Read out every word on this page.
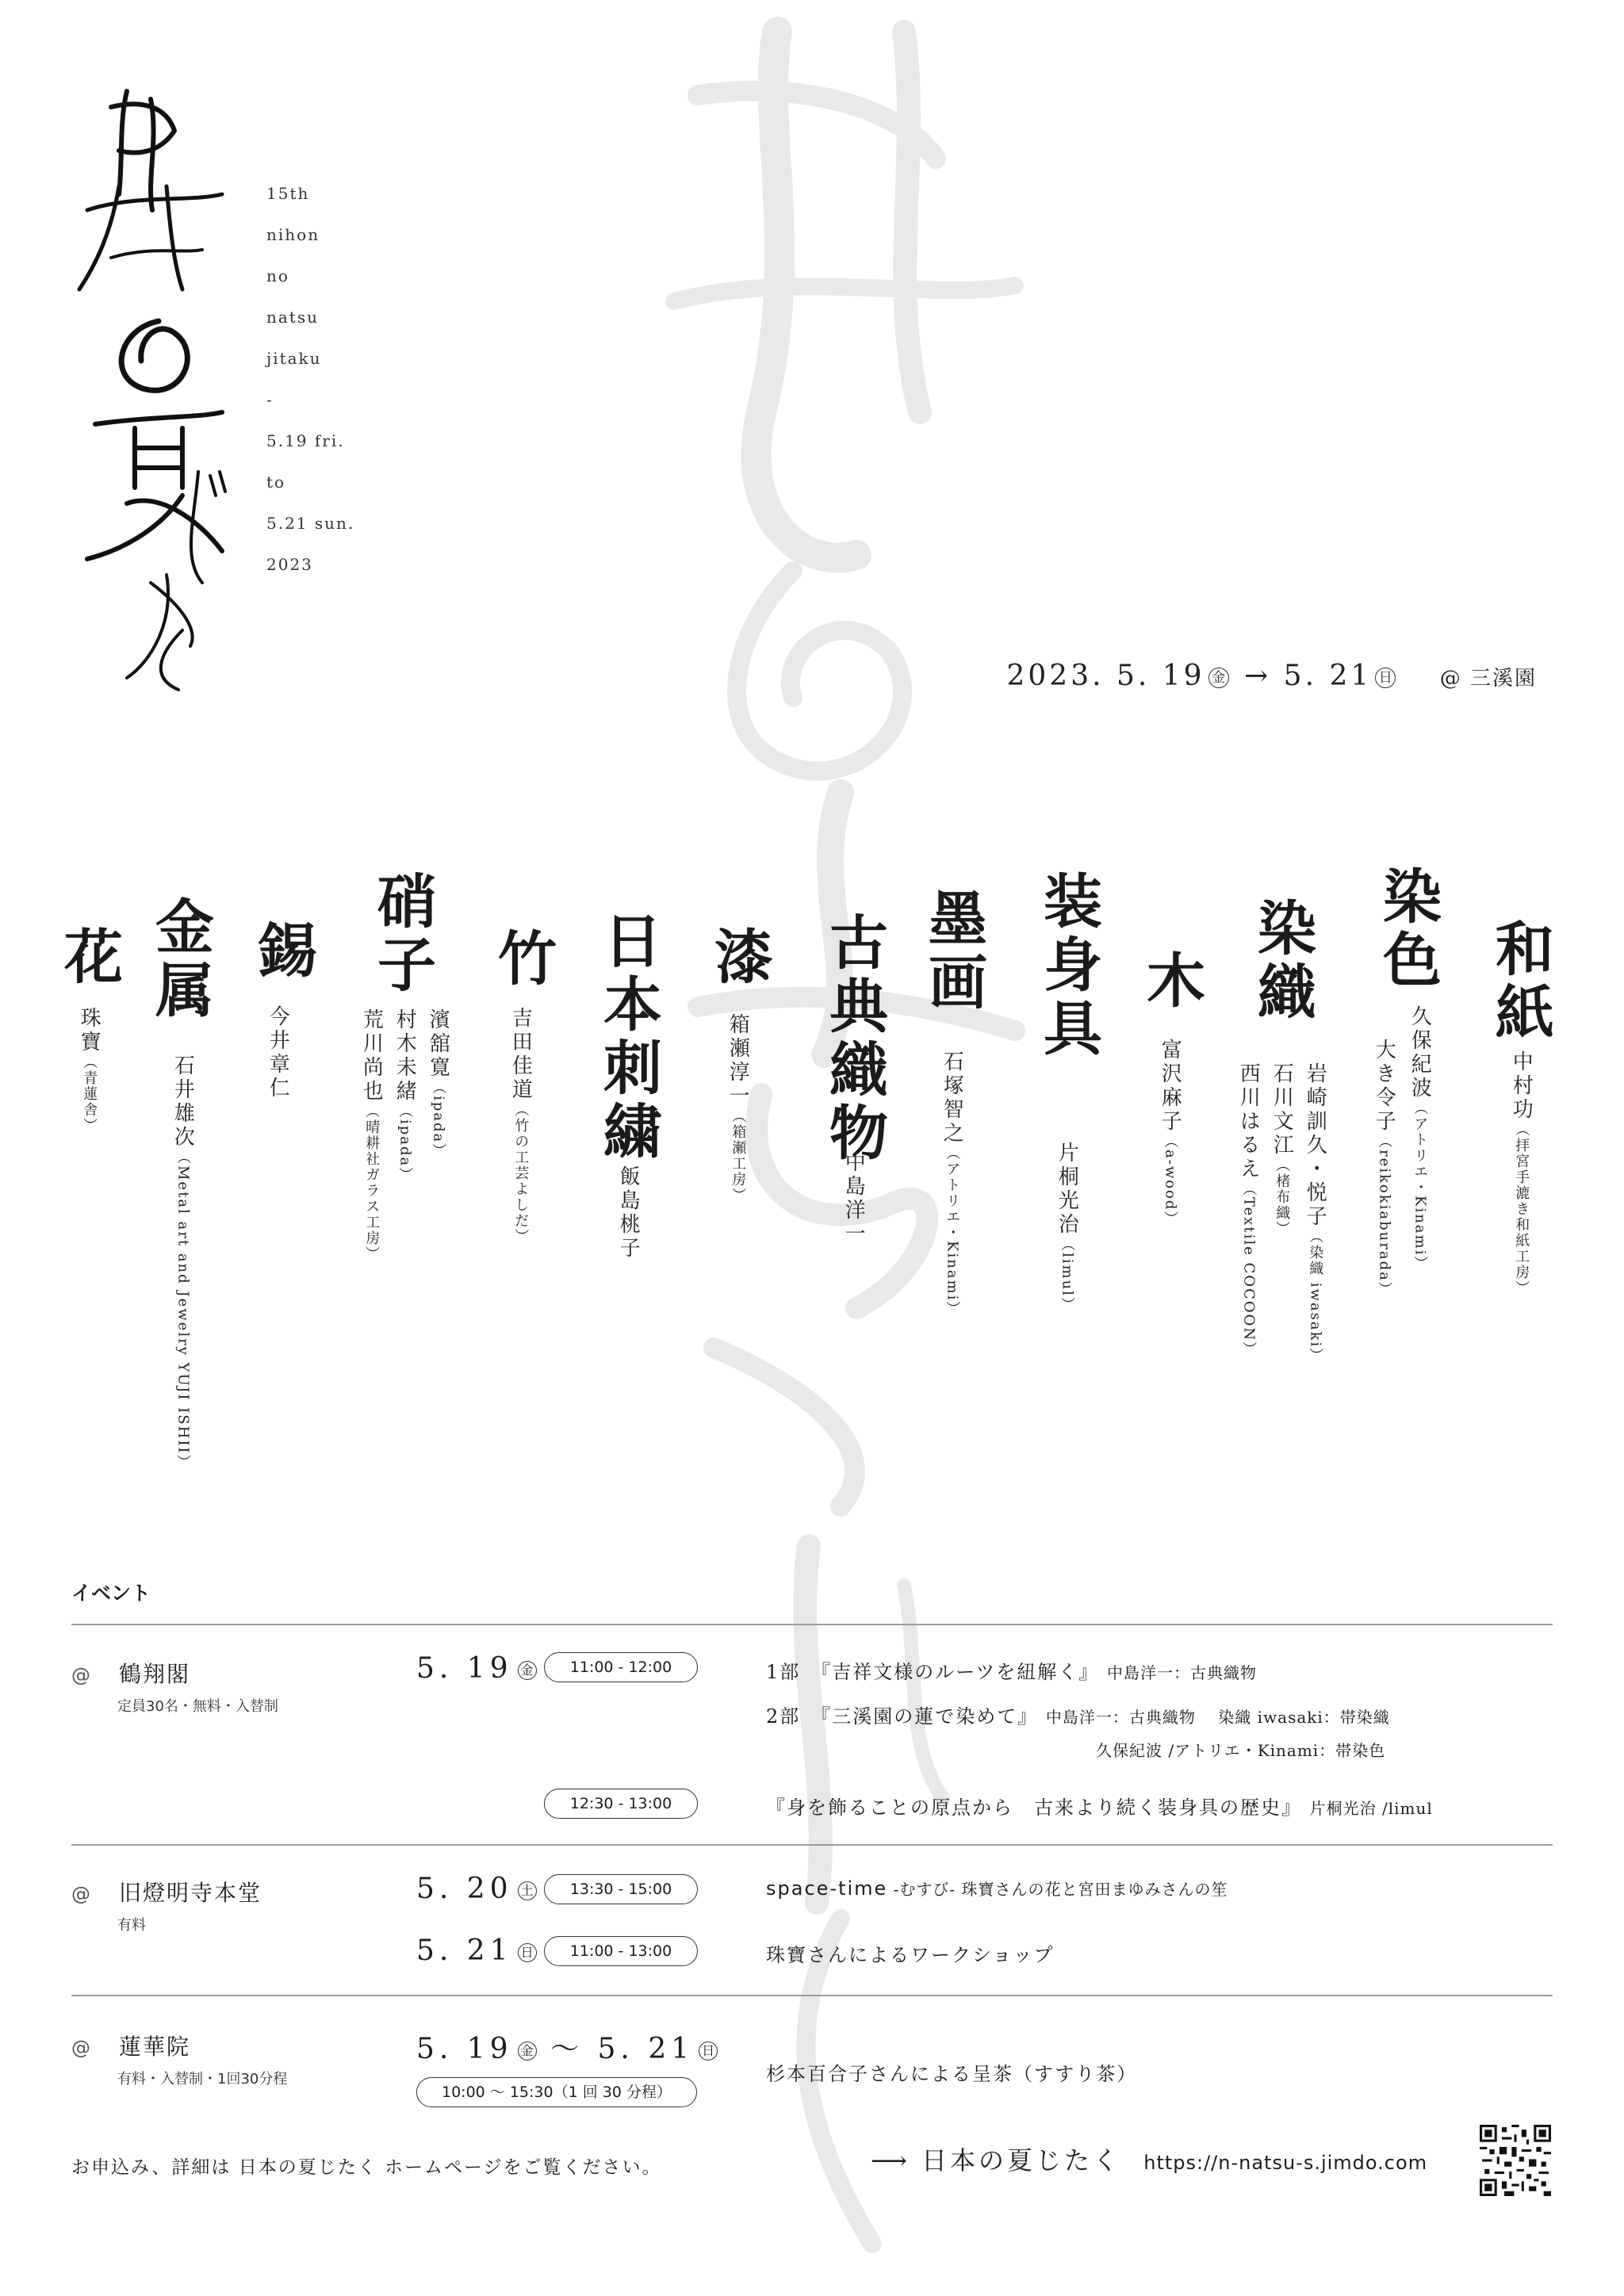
15th
nihon
no
natsu
jitaku
-
5.19 fri.
to
5.21 sun.
2023
2023. 5. 19 金 → 5. 21 日 @ 三溪園
和紙
中村功（拝宮手漉き和紙工房）
染色
久保紀波（アトリエ・Kinami）
大き令子（reikokiaburada）
染織
岩崎訓久・悦子（染織 iwasaki）
石川文江（楮布織）
西川はるえ（Textile COCOON）
木
富沢麻子（a-wood）
装身具
片桐光治（limul）
墨画
石塚智之（アトリエ・Kinami）
古典織物
中島洋一
漆
箱瀬淳一（箱瀬工房）
日本刺繍
飯島桃子
竹
吉田佳道（竹の工芸よしだ）
硝子
濱舘寛（ipada）
村木未緒（ipada）
荒川尚也（晴耕社ガラス工房）
錫
今井章仁
金属
石井雄次（Metal art and Jewelry YUJI ISHII）
花
珠寶（青蓮舎）
イベント
@ 鶴翔閣
定員30名・無料・入替制
5. 19 金	11:00 - 12:00	1部　『吉祥文様のルーツを紐解く』 中島洋一：古典織物
2部　『三溪園の蓮で染めて』 中島洋一：古典織物　 染織 iwasaki：帯染織
久保紀波 /アトリエ・Kinami：帯染色
12:30 - 13:00	『身を飾ることの原点から　古来より続く装身具の歴史』 片桐光治 /limul
@ 旧燈明寺本堂
有料
5. 20 土	13:30 - 15:00	space-time -むすび- 珠寶さんの花と宮田まゆみさんの笙
5. 21 日	11:00 - 13:00	珠寶さんによるワークショップ
@ 蓮華院
有料・入替制・1回30分程
5. 19 金 ～ 5. 21 日
10:00 ～ 15:30（1 回 30 分程）
杉本百合子さんによる呈茶（すすり茶）
お申込み、詳細は 日本の夏じたく ホームページをご覧ください。	⟶ 日本の夏じたく https://n-natsu-s.jimdo.com
